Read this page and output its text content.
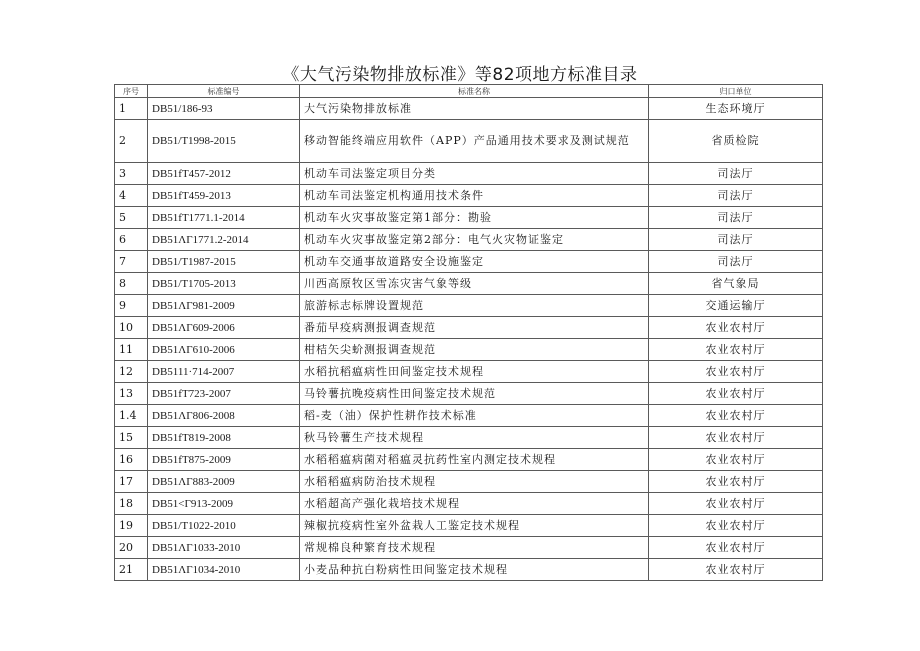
《大气污染物排放标准》等82项地方标准目录
序号	标准编号	标准名称	归口单位
1	DB51/186-93	大气污染物排放标准	生态环境厅
2	DB51/T1998-2015	移动智能终端应用软件（APP）产品通用技术要求及测试规范	省质检院
3	DB51fT457-2012	机动车司法鉴定项目分类	司法厅
4	DB51fT459-2013	机动车司法鉴定机构通用技术条件	司法厅
5	DB51fT1771.1-2014	机动车火灾事故鉴定第1部分：勘验	司法厅
6	DB51ΛΓ1771.2-2014	机动车火灾事故鉴定第2部分：电气火灾物证鉴定	司法厅
7	DB51/T1987-2015	机动车交通事故道路安全设施鉴定	司法厅
8	DB51/T1705-2013	川西高原牧区雪冻灾害气象等级	省气象局
9	DB51ΛΓ981-2009	旅游标志标牌设置规范	交通运输厅
10	DB51ΛΓ609-2006	番茄早疫病测报调查规范	农业农村厅
11	DB51ΛΓ610-2006	柑桔矢尖蚧测报调查规范	农业农村厅
12	DB5111·714-2007	水稻抗稻瘟病性田间鉴定技术规程	农业农村厅
13	DB51fT723-2007	马铃薯抗晚疫病性田间鉴定技术规范	农业农村厅
1.4	DB51ΛΓ806-2008	稻-麦（油）保护性耕作技术标准	农业农村厅
15	DB51fT819-2008	秋马铃薯生产技术规程	农业农村厅
16	DB51fT875-2009	水稻稻瘟病菌对稻瘟灵抗药性室内测定技术规程	农业农村厅
17	DB51ΛΓ883-2009	水稻稻瘟病防治技术规程	农业农村厅
18	DB51<Γ913-2009	水稻超高产强化栽培技术规程	农业农村厅
19	DB51/T1022-2010	辣椒抗疫病性室外盆栽人工鉴定技术规程	农业农村厅
20	DB51ΛΓ1033-2010	常规棉良种繁育技术规程	农业农村厅
21	DB51ΛΓ1034-2010	小麦品种抗白粉病性田间鉴定技术规程	农业农村厅
